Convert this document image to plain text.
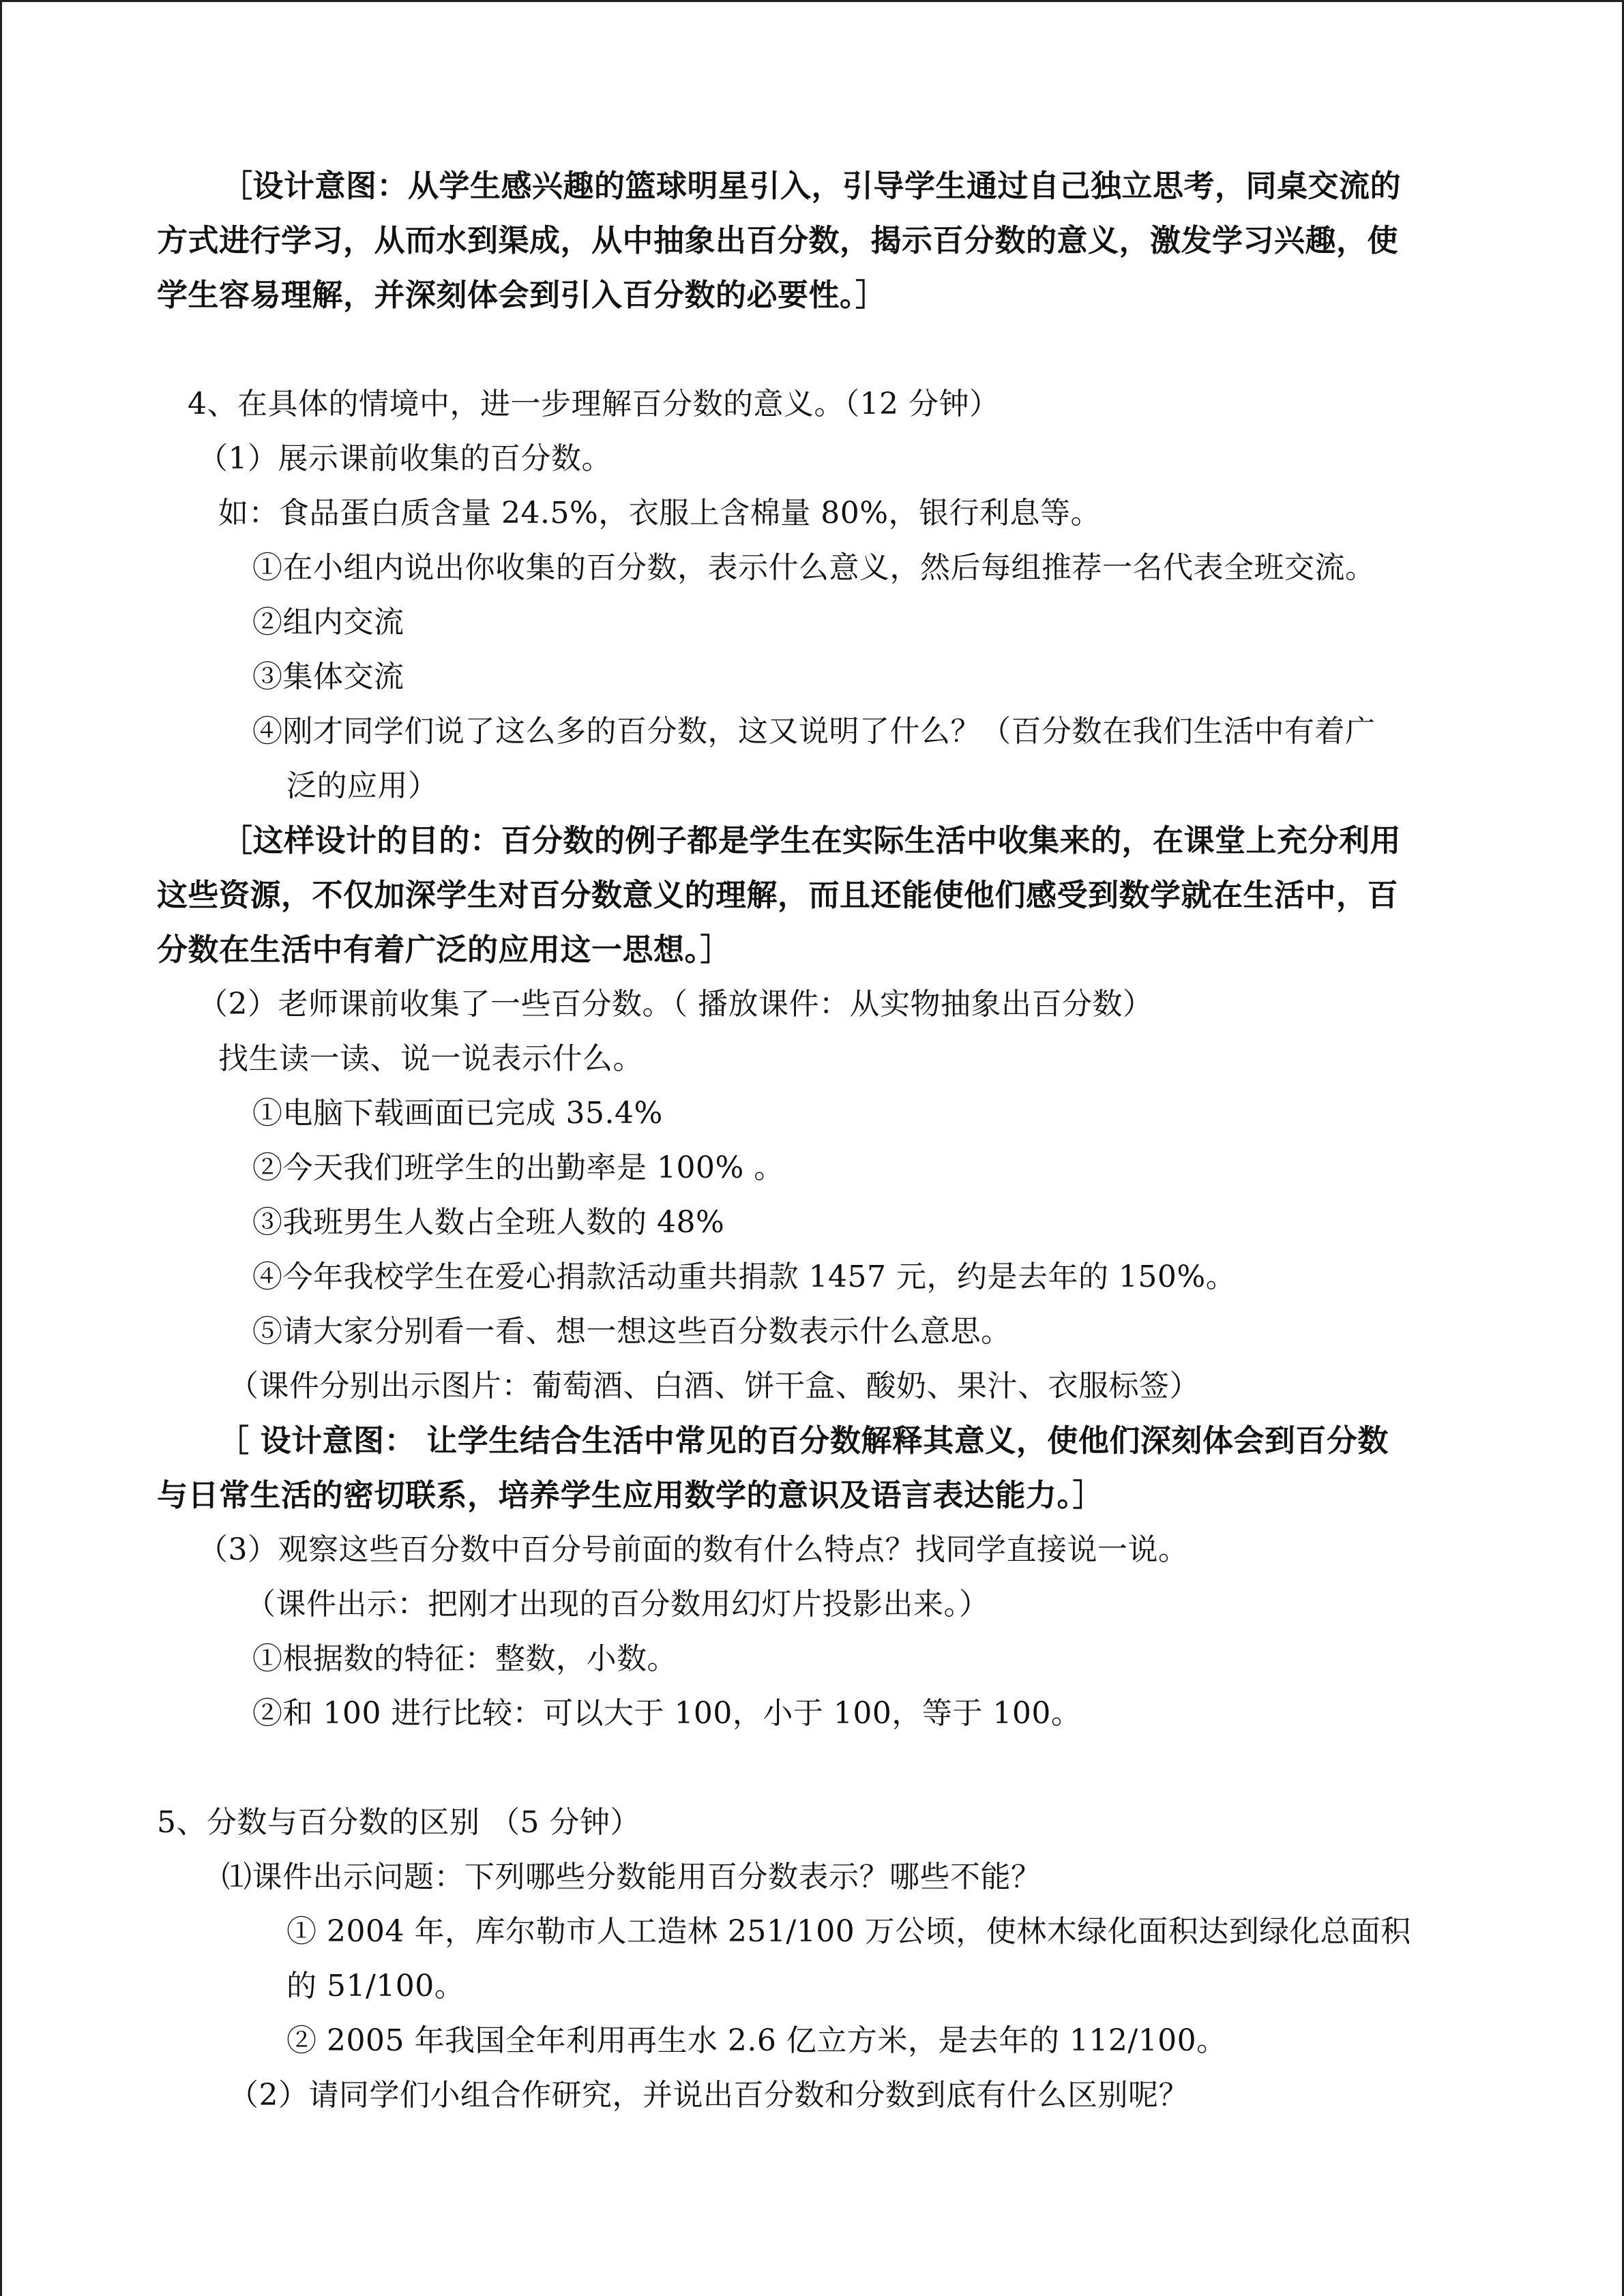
［设计意图：从学生感兴趣的篮球明星引入，引导学生通过自己独立思考，同桌交流的
方式进行学习，从而水到渠成，从中抽象出百分数，揭示百分数的意义，激发学习兴趣，使
学生容易理解，并深刻体会到引入百分数的必要性。］
4、在具体的情境中，进一步理解百分数的意义。（12 分钟）
（1）展示课前收集的百分数。
如：食品蛋白质含量 24.5%，衣服上含棉量 80%，银行利息等。
①在小组内说出你收集的百分数，表示什么意义，然后每组推荐一名代表全班交流。
②组内交流
③集体交流
④刚才同学们说了这么多的百分数，这又说明了什么？（百分数在我们生活中有着广
泛的应用）
［这样设计的目的：百分数的例子都是学生在实际生活中收集来的，在课堂上充分利用
这些资源，不仅加深学生对百分数意义的理解，而且还能使他们感受到数学就在生活中，百
分数在生活中有着广泛的应用这一思想。］
（2）老师课前收集了一些百分数。（ 播放课件：从实物抽象出百分数）
找生读一读、说一说表示什么。
①电脑下载画面已完成 35.4%
②今天我们班学生的出勤率是 100% 。
③我班男生人数占全班人数的 48%
④今年我校学生在爱心捐款活动重共捐款 1457 元，约是去年的 150%。
⑤请大家分别看一看、想一想这些百分数表示什么意思。
（课件分别出示图片：葡萄酒、白酒、饼干盒、酸奶、果汁、衣服标签）
［ 设计意图： 让学生结合生活中常见的百分数解释其意义，使他们深刻体会到百分数
与日常生活的密切联系，培养学生应用数学的意识及语言表达能力。］
（3）观察这些百分数中百分号前面的数有什么特点？找同学直接说一说。
（课件出示：把刚才出现的百分数用幻灯片投影出来。）
①根据数的特征：整数，小数。
②和 100 进行比较：可以大于 100，小于 100，等于 100。
5、分数与百分数的区别 （5 分钟）
⑴课件出示问题：下列哪些分数能用百分数表示？哪些不能？
① 2004 年，库尔勒市人工造林 251/100 万公顷，使林木绿化面积达到绿化总面积
的 51/100。
② 2005 年我国全年利用再生水 2.6 亿立方米，是去年的 112/100。
（2）请同学们小组合作研究，并说出百分数和分数到底有什么区别呢？
